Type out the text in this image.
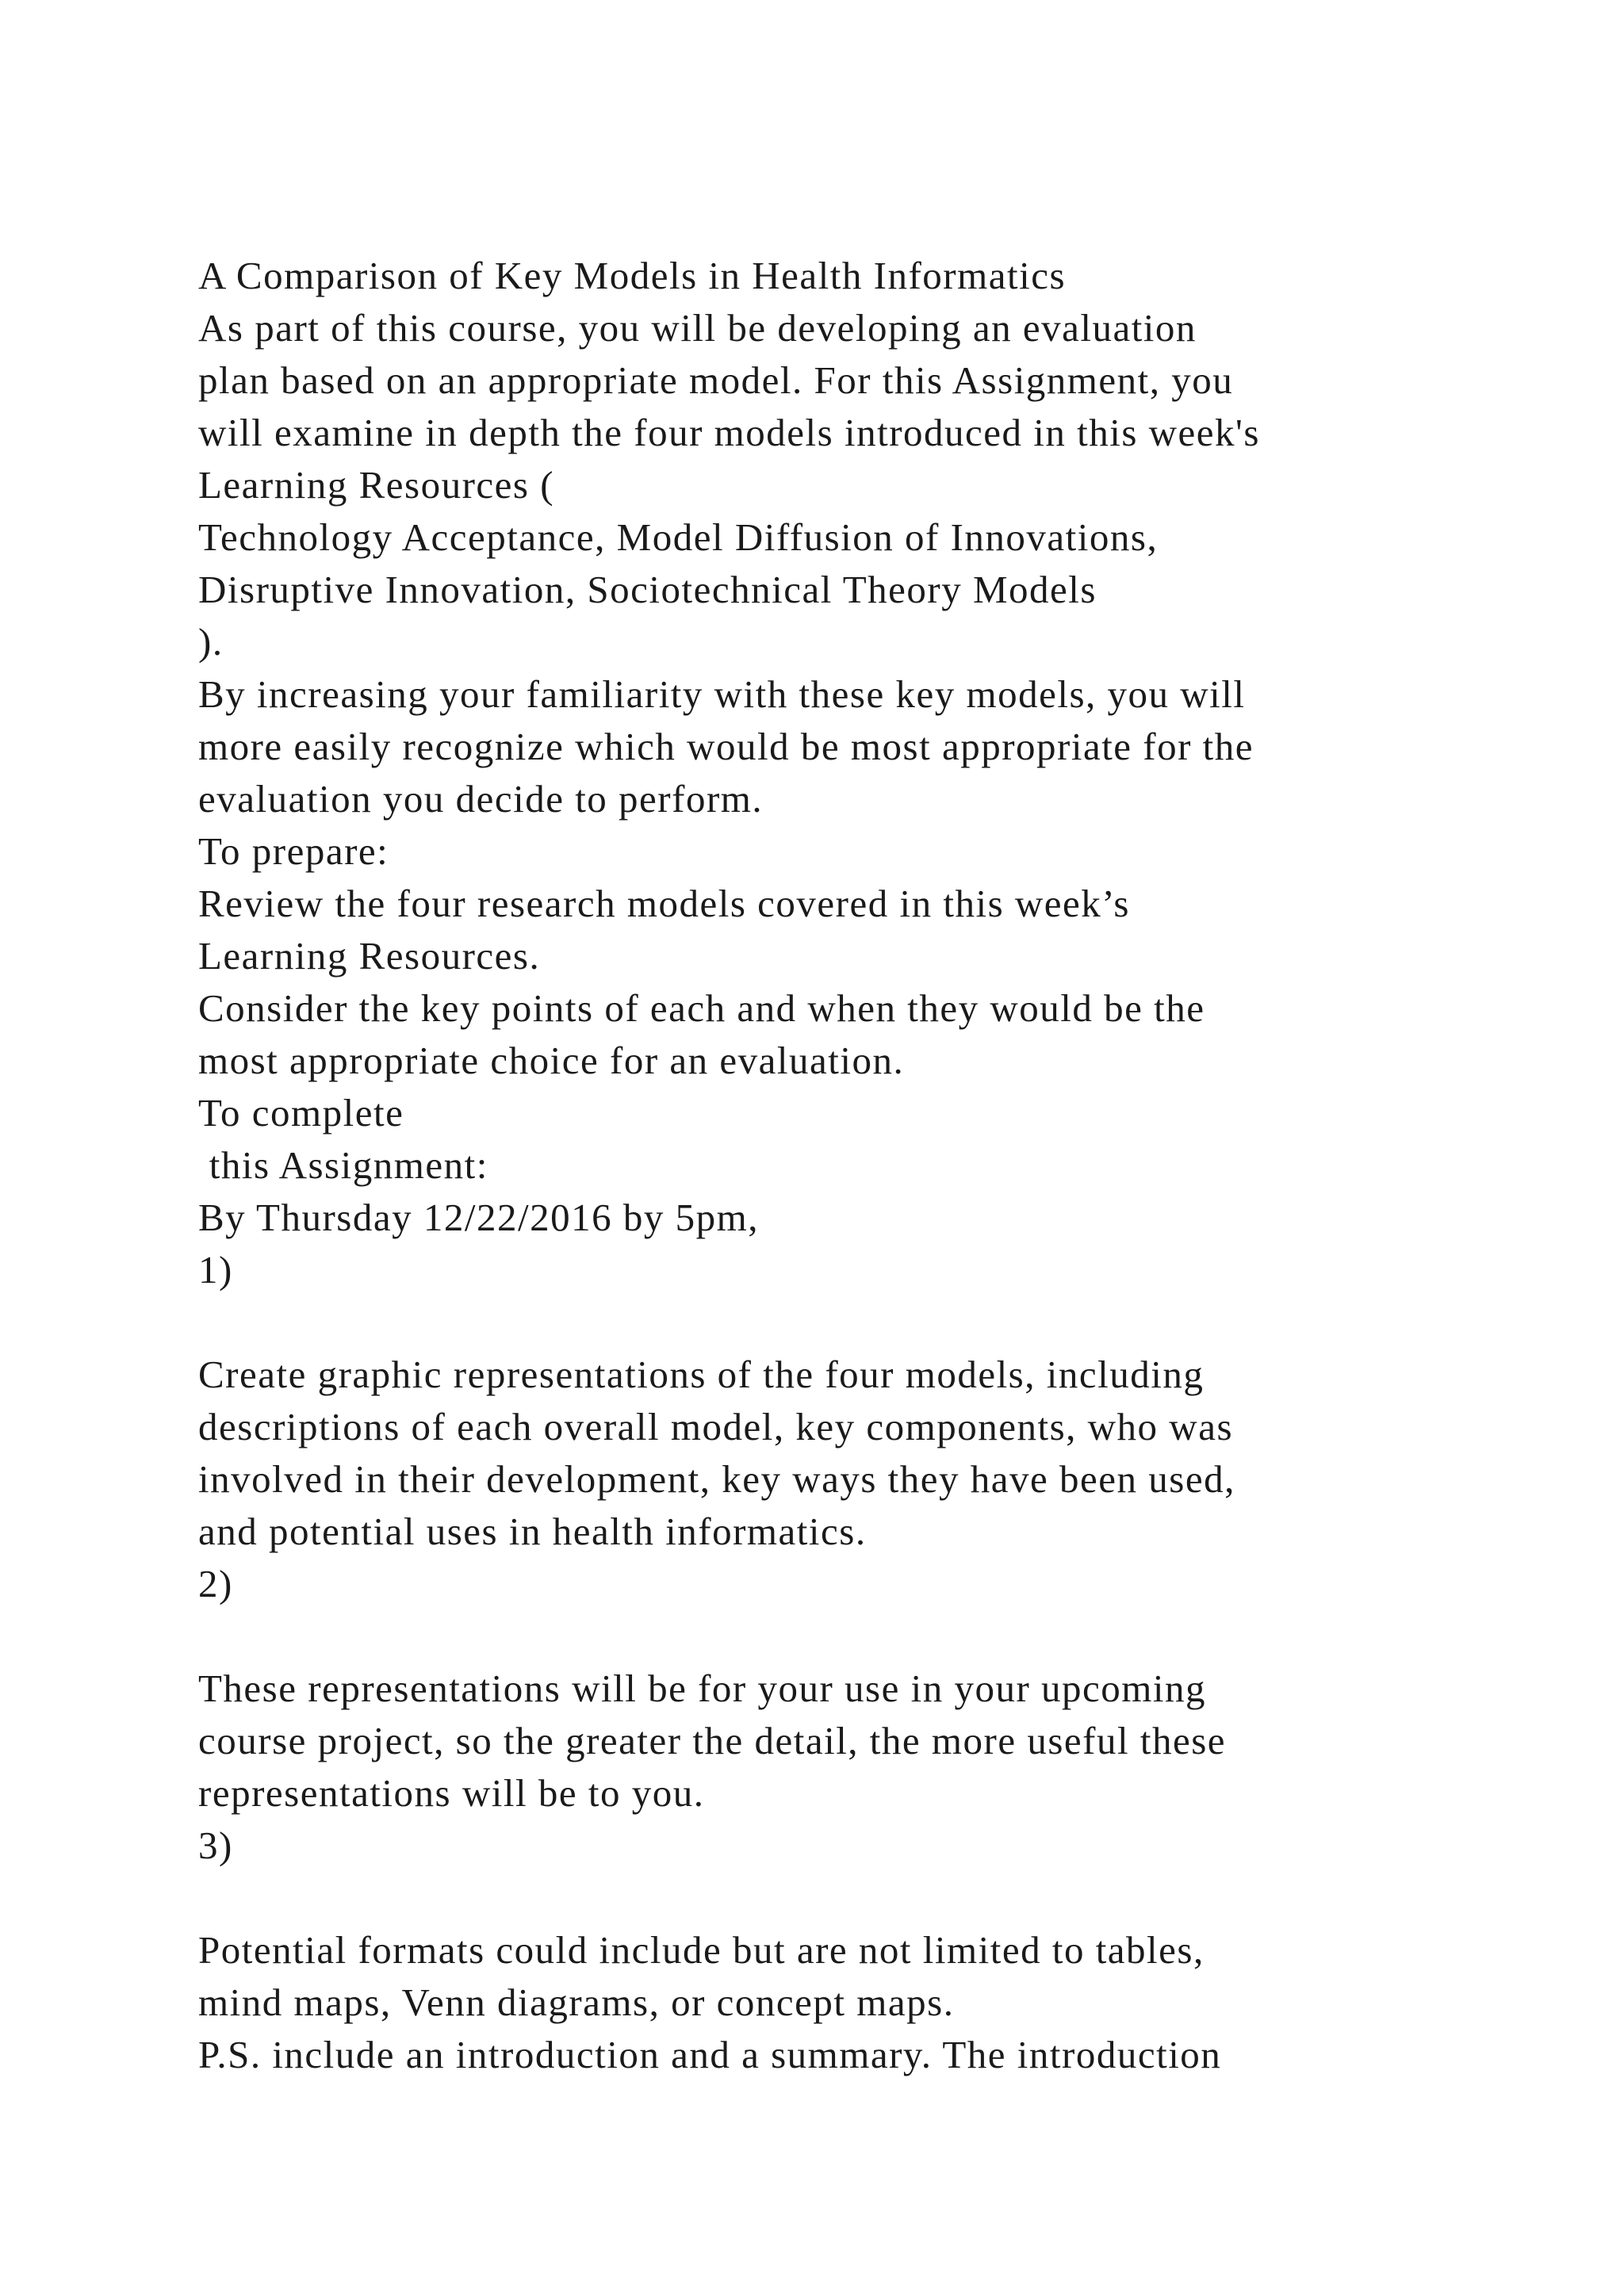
A Comparison of Key Models in Health Informatics
As part of this course, you will be developing an evaluation
plan based on an appropriate model. For this Assignment, you
will examine in depth the four models introduced in this week's
Learning Resources (
Technology Acceptance, Model Diffusion of Innovations,
Disruptive Innovation, Sociotechnical Theory Models
).
By increasing your familiarity with these key models, you will
more easily recognize which would be most appropriate for the
evaluation you decide to perform.
To prepare:
Review the four research models covered in this week’s
Learning Resources.
Consider the key points of each and when they would be the
most appropriate choice for an evaluation.
To complete
this Assignment:
By Thursday 12/22/2016 by 5pm,
1)
Create graphic representations of the four models, including
descriptions of each overall model, key components, who was
involved in their development, key ways they have been used,
and potential uses in health informatics.
2)
These representations will be for your use in your upcoming
course project, so the greater the detail, the more useful these
representations will be to you.
3)
Potential formats could include but are not limited to tables,
mind maps, Venn diagrams, or concept maps.
P.S. include an introduction and a summary. The introduction
